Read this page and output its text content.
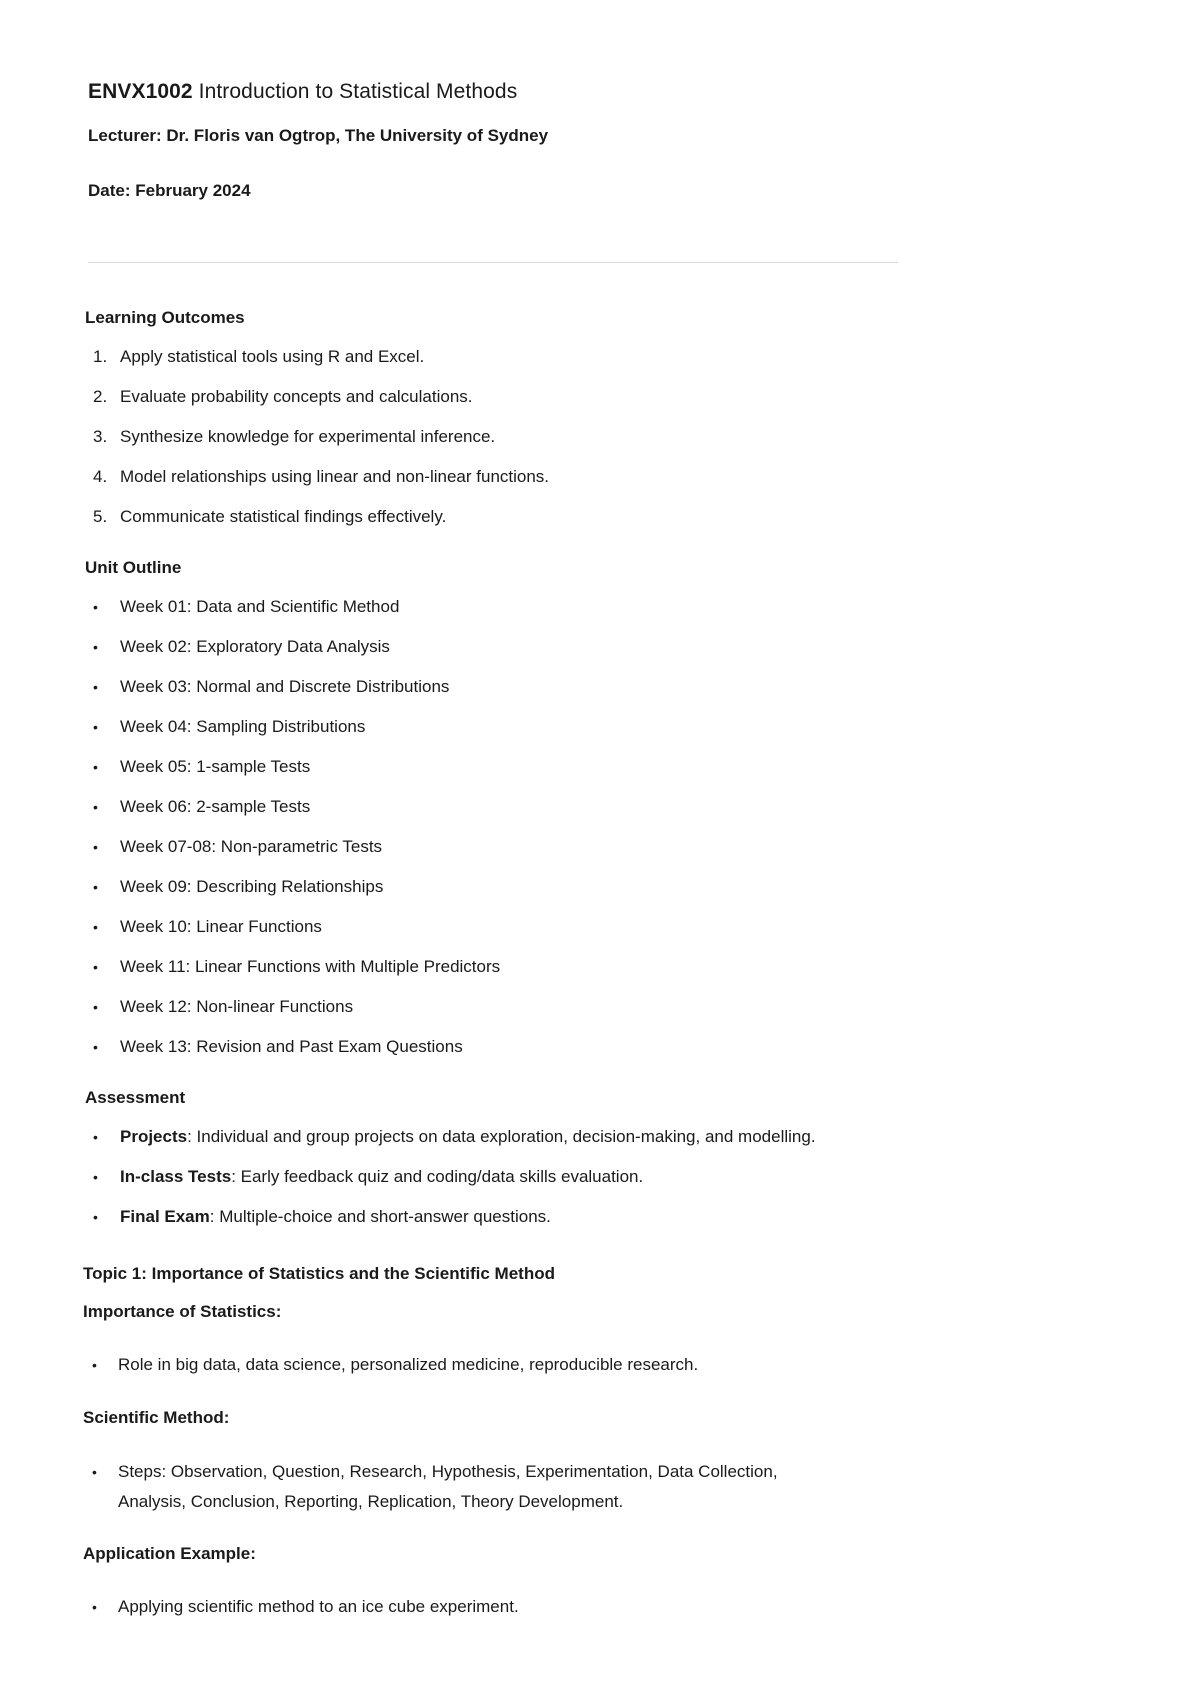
ENVX1002 Introduction to Statistical Methods

Lecturer: Dr. Floris van Ogtrop, The University of Sydney

Date: February 2024

Learning Outcomes
1. Apply statistical tools using R and Excel.
2. Evaluate probability concepts and calculations.
3. Synthesize knowledge for experimental inference.
4. Model relationships using linear and non-linear functions.
5. Communicate statistical findings effectively.
Unit Outline
• Week 01: Data and Scientific Method
• Week 02: Exploratory Data Analysis
• Week 03: Normal and Discrete Distributions
• Week 04: Sampling Distributions
• Week 05: 1-sample Tests
• Week 06: 2-sample Tests
• Week 07-08: Non-parametric Tests
• Week 09: Describing Relationships
• Week 10: Linear Functions
• Week 11: Linear Functions with Multiple Predictors
• Week 12: Non-linear Functions
• Week 13: Revision and Past Exam Questions
Assessment
• Projects: Individual and group projects on data exploration, decision-making, and modelling.
• In-class Tests: Early feedback quiz and coding/data skills evaluation.
• Final Exam: Multiple-choice and short-answer questions.
Topic 1: Importance of Statistics and the Scientific Method

Importance of Statistics:

• Role in big data, data science, personalized medicine, reproducible research.

Scientific Method:

• Steps: Observation, Question, Research, Hypothesis, Experimentation, Data Collection, Analysis, Conclusion, Reporting, Replication, Theory Development.

Application Example:

• Applying scientific method to an ice cube experiment.
